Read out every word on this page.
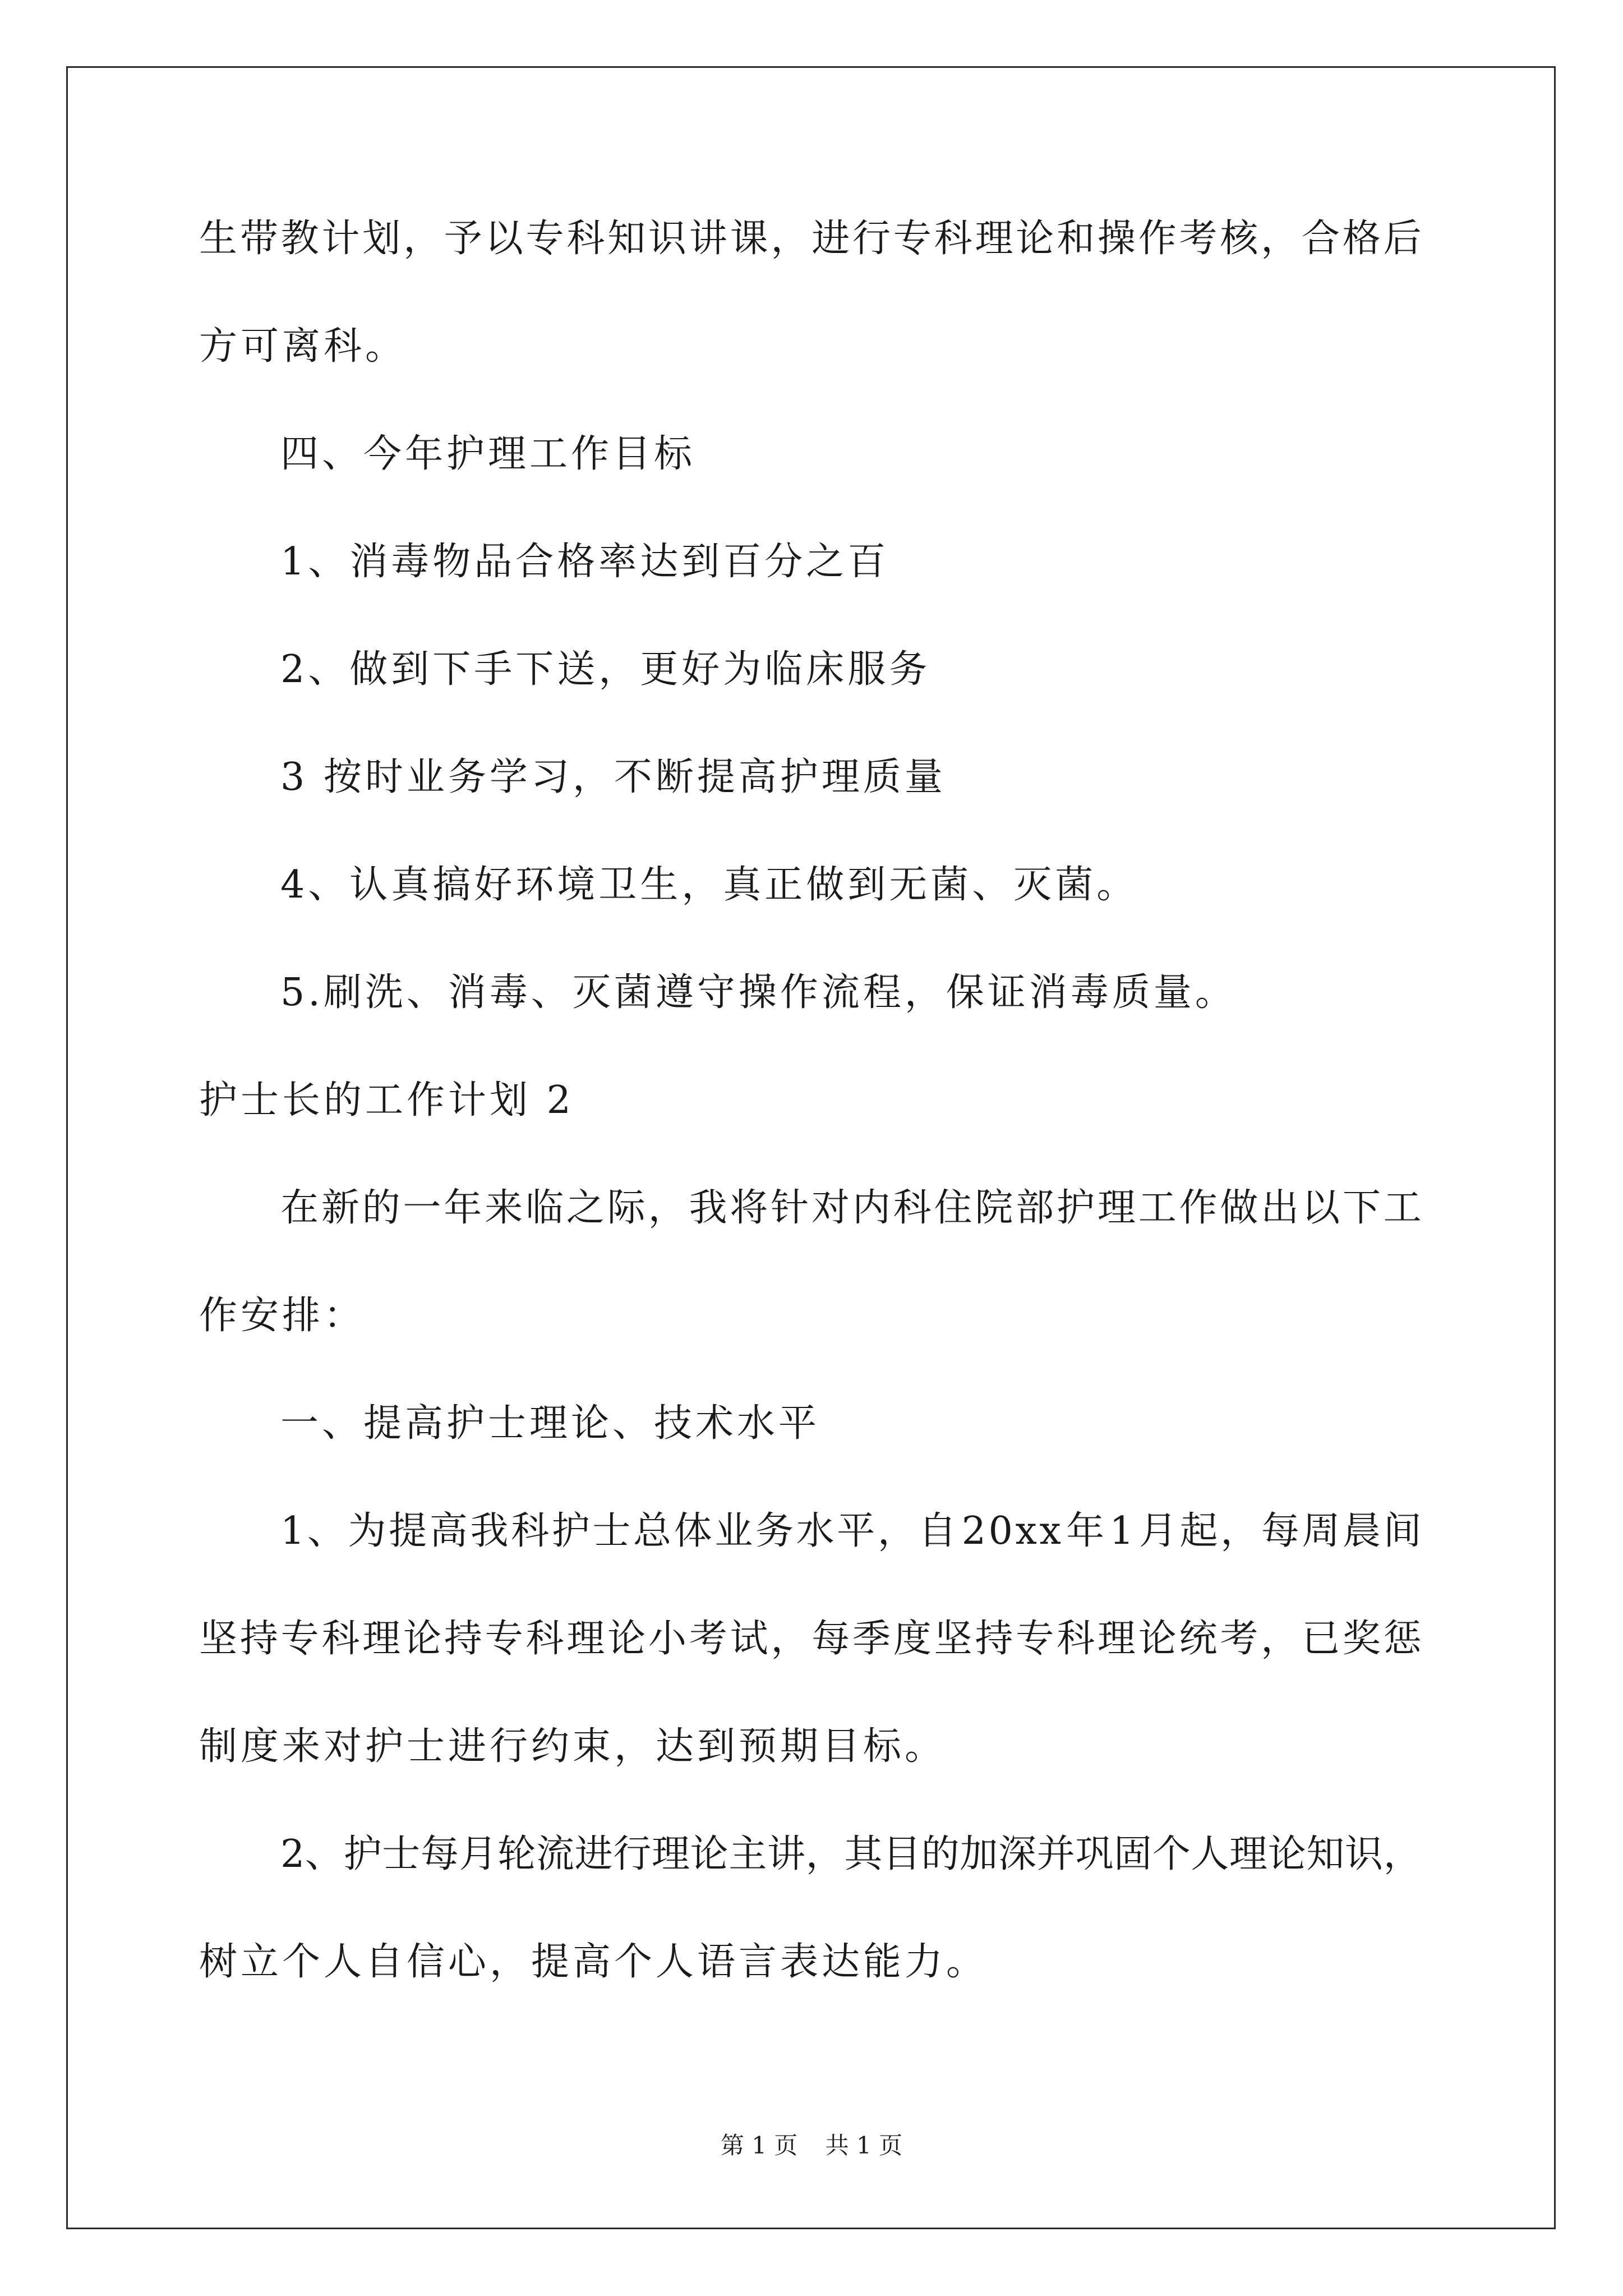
生 带 教 计 划 ， 予 以 专 科 知 识 讲 课 ， 进 行 专 科 理 论 和 操 作 考 核 ， 合 格 后
方可离科。
四、今年护理工作目标
1、消毒物品合格率达到百分之百
2、做到下手下送，更好为临床服务
3 按时业务学习，不断提高护理质量
4、认真搞好环境卫生，真正做到无菌、灭菌。
5.刷洗、消毒、灭菌遵守操作流程，保证消毒质量。
护士长的工作计划 2
在 新 的 一 年 来 临 之 际 ， 我 将 针 对 内 科 住 院 部 护 理 工 作 做 出 以 下 工
作安排：
一、提高护士理论、技术水平
1 、 为 提 高 我 科 护 士 总 体 业 务 水 平 ， 自 2 0 x x 年 1 月 起 ， 每 周 晨 间
坚 持 专 科 理 论 持 专 科 理 论 小 考 试 ， 每 季 度 坚 持 专 科 理 论 统 考 ， 已 奖 惩
制度来对护士进行约束，达到预期目标。
2 、 护 士 每 月 轮 流 进 行 理 论 主 讲 ， 其 目 的 加 深 并 巩 固 个 人 理 论 知 识 ，
树立个人自信心，提高个人语言表达能力。
第 1 页 共 1 页
